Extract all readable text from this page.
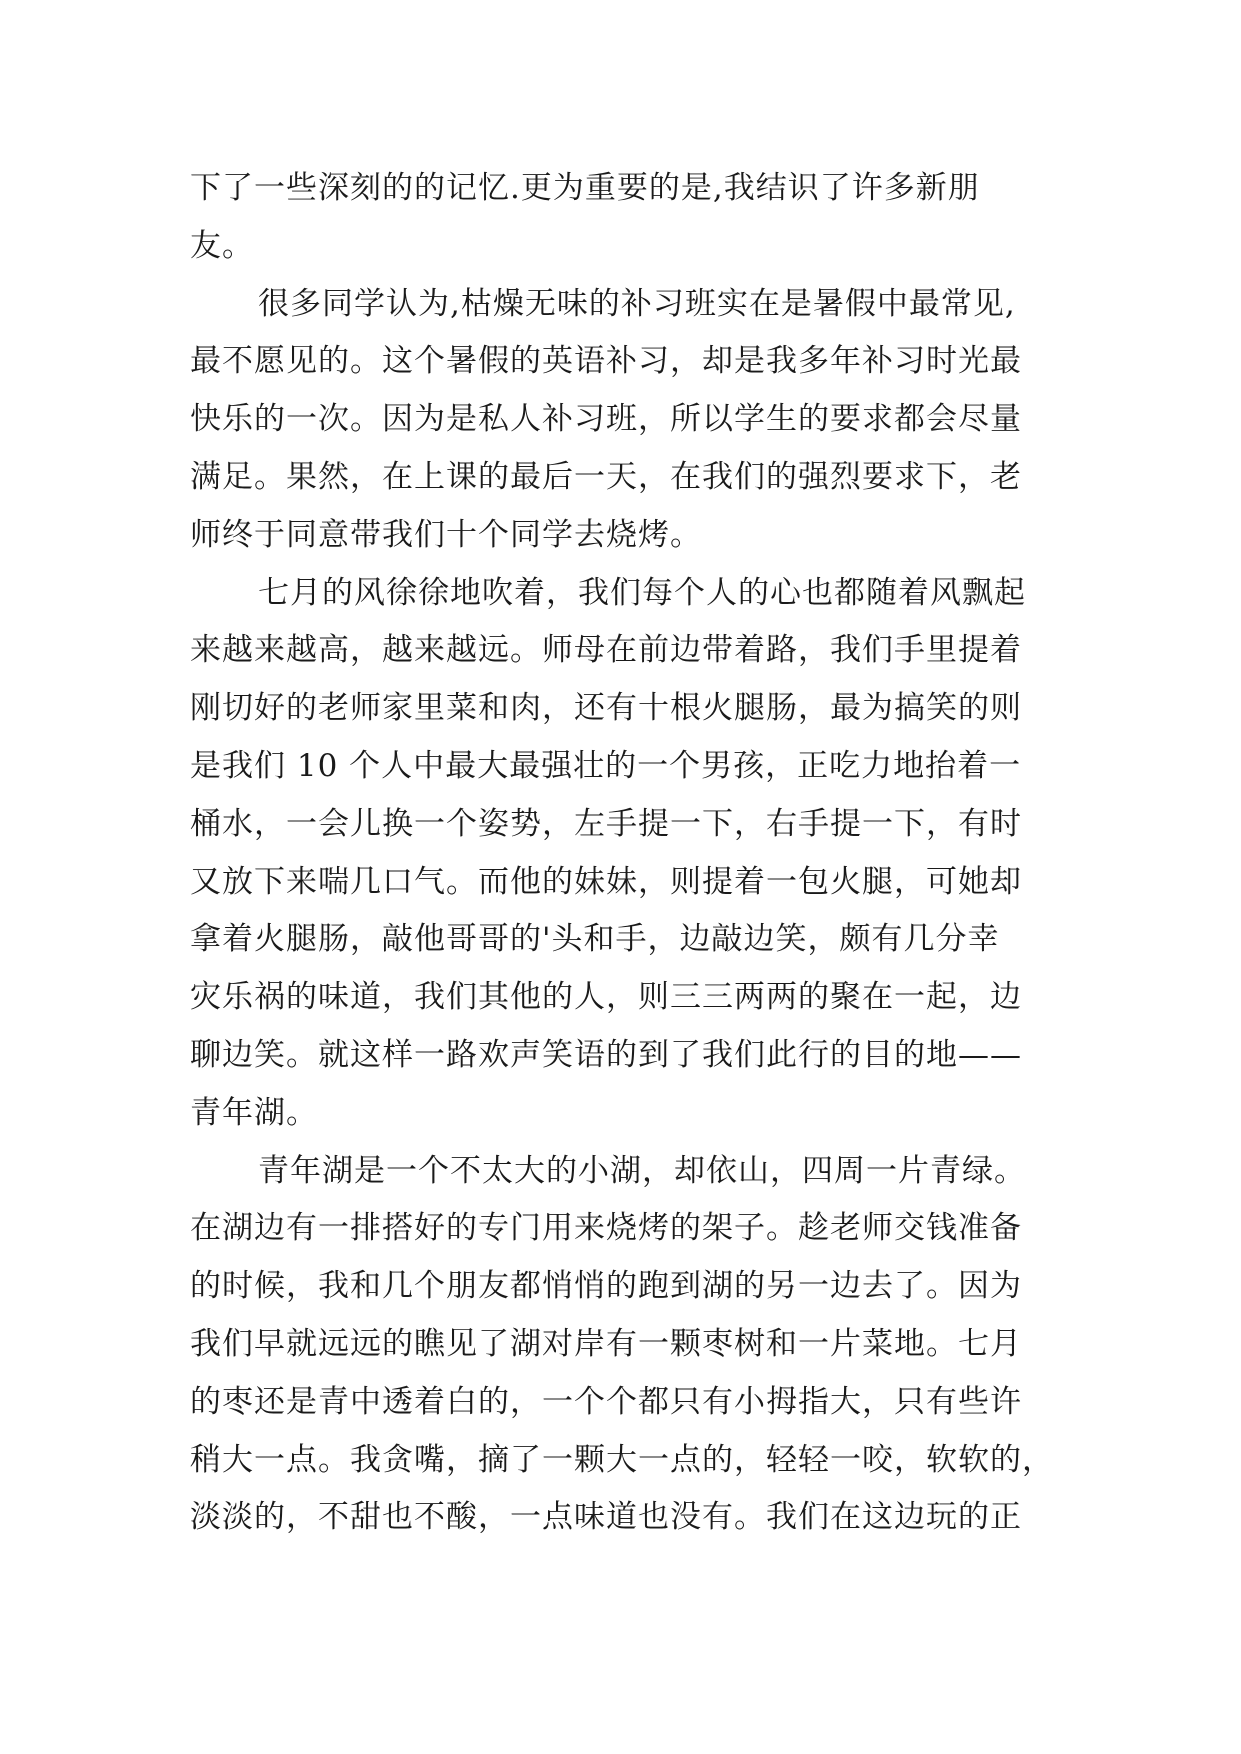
下了一些深刻的的记忆.更为重要的是,我结识了许多新朋
友。
很多同学认为,枯燥无味的补习班实在是暑假中最常见,
最不愿见的。这个暑假的英语补习，却是我多年补习时光最
快乐的一次。因为是私人补习班，所以学生的要求都会尽量
满足。果然，在上课的最后一天，在我们的强烈要求下，老
师终于同意带我们十个同学去烧烤。
七月的风徐徐地吹着，我们每个人的心也都随着风飘起
来越来越高，越来越远。师母在前边带着路，我们手里提着
刚切好的老师家里菜和肉，还有十根火腿肠，最为搞笑的则
是我们 10 个人中最大最强壮的一个男孩，正吃力地抬着一
桶水，一会儿换一个姿势，左手提一下，右手提一下，有时
又放下来喘几口气。而他的妹妹，则提着一包火腿，可她却
拿着火腿肠，敲他哥哥的'头和手，边敲边笑，颇有几分幸
灾乐祸的味道，我们其他的人，则三三两两的聚在一起，边
聊边笑。就这样一路欢声笑语的到了我们此行的目的地——
青年湖。
青年湖是一个不太大的小湖，却依山，四周一片青绿。
在湖边有一排搭好的专门用来烧烤的架子。趁老师交钱准备
的时候，我和几个朋友都悄悄的跑到湖的另一边去了。因为
我们早就远远的瞧见了湖对岸有一颗枣树和一片菜地。七月
的枣还是青中透着白的，一个个都只有小拇指大，只有些许
稍大一点。我贪嘴，摘了一颗大一点的，轻轻一咬，软软的，
淡淡的，不甜也不酸，一点味道也没有。我们在这边玩的正
